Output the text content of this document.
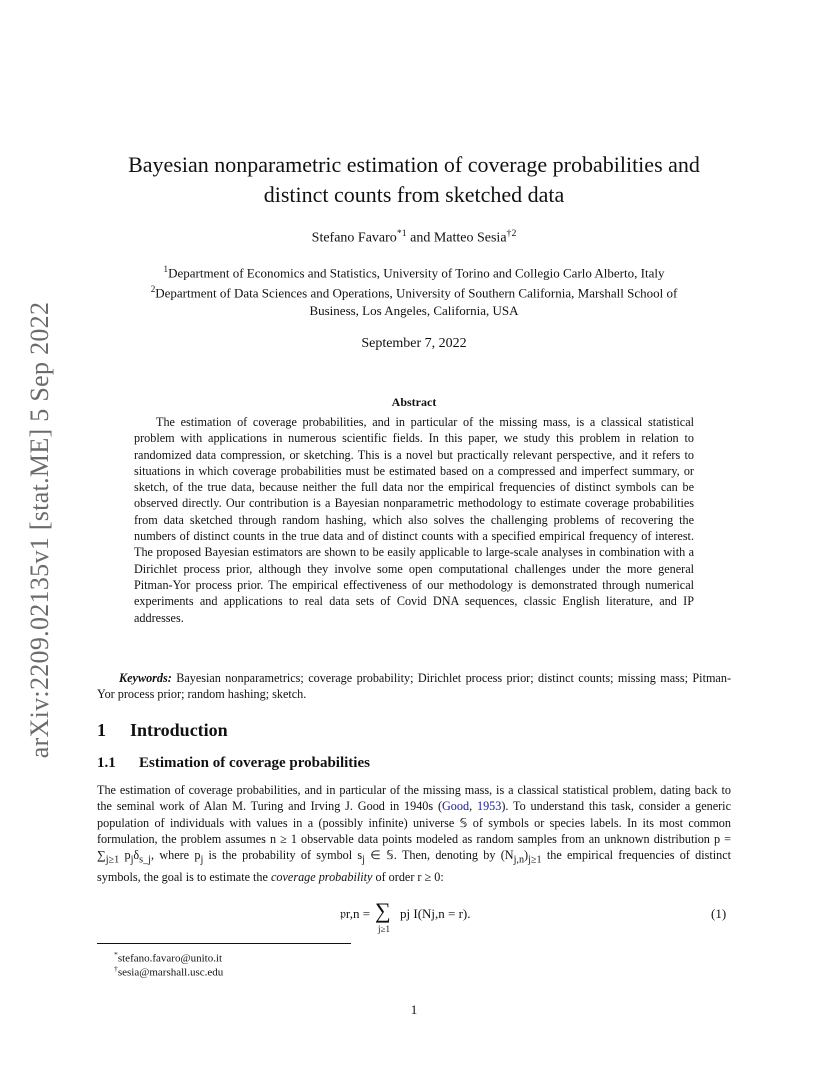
arXiv:2209.02135v1 [stat.ME] 5 Sep 2022
Bayesian nonparametric estimation of coverage probabilities and
distinct counts from sketched data
Stefano Favaro$^{*1}$ and Matteo Sesia$^{\dagger 2}$
$^1$Department of Economics and Statistics, University of Torino and Collegio Carlo Alberto, Italy
$^2$Department of Data Sciences and Operations, University of Southern California, Marshall School of
Business, Los Angeles, California, USA
September 7, 2022
Abstract
The estimation of coverage probabilities, and in particular of the missing mass, is a classical statistical problem with applications in numerous scientific fields. In this paper, we study this problem in relation to randomized data compression, or sketching. This is a novel but practically relevant perspective, and it refers to situations in which coverage probabilities must be estimated based on a compressed and imperfect summary, or sketch, of the true data, because neither the full data nor the empirical frequencies of distinct symbols can be observed directly. Our contribution is a Bayesian nonparametric methodology to estimate coverage probabilities from data sketched through random hashing, which also solves the challenging problems of recovering the numbers of distinct counts in the true data and of distinct counts with a specified empirical frequency of interest. The proposed Bayesian estimators are shown to be easily applicable to large-scale analyses in combination with a Dirichlet process prior, although they involve some open computational challenges under the more general Pitman-Yor process prior. The empirical effectiveness of our methodology is demonstrated through numerical experiments and applications to real data sets of Covid DNA sequences, classic English literature, and IP addresses.
Keywords: Bayesian nonparametrics; coverage probability; Dirichlet process prior; distinct counts; missing mass; Pitman-Yor process prior; random hashing; sketch.
1 Introduction
1.1 Estimation of coverage probabilities
The estimation of coverage probabilities, and in particular of the missing mass, is a classical statistical problem, dating back to the seminal work of Alan M. Turing and Irving J. Good in 1940s (Good, 1953). To understand this task, consider a generic population of individuals with values in a (possibly infinite) universe 𝕊 of symbols or species labels. In its most common formulation, the problem assumes n ≥ 1 observable data points modeled as random samples from an unknown distribution $p = \sum_{j\ge 1}$ $p_j\delta_{s\_j}$, where $p_j$ is the probability of symbol $s_j$ ∈ 𝕊. Then, denoting by $(N_{j,n})_{j\ge 1}$ the empirical frequencies of distinct symbols, the goal is to estimate the coverage probability of order r ≥ 0:
𝔭r,n = ∑
j≥1
pj I(Nj,n = r).	(1)
*stefano.favaro@unito.it
†sesia@marshall.usc.edu
1
